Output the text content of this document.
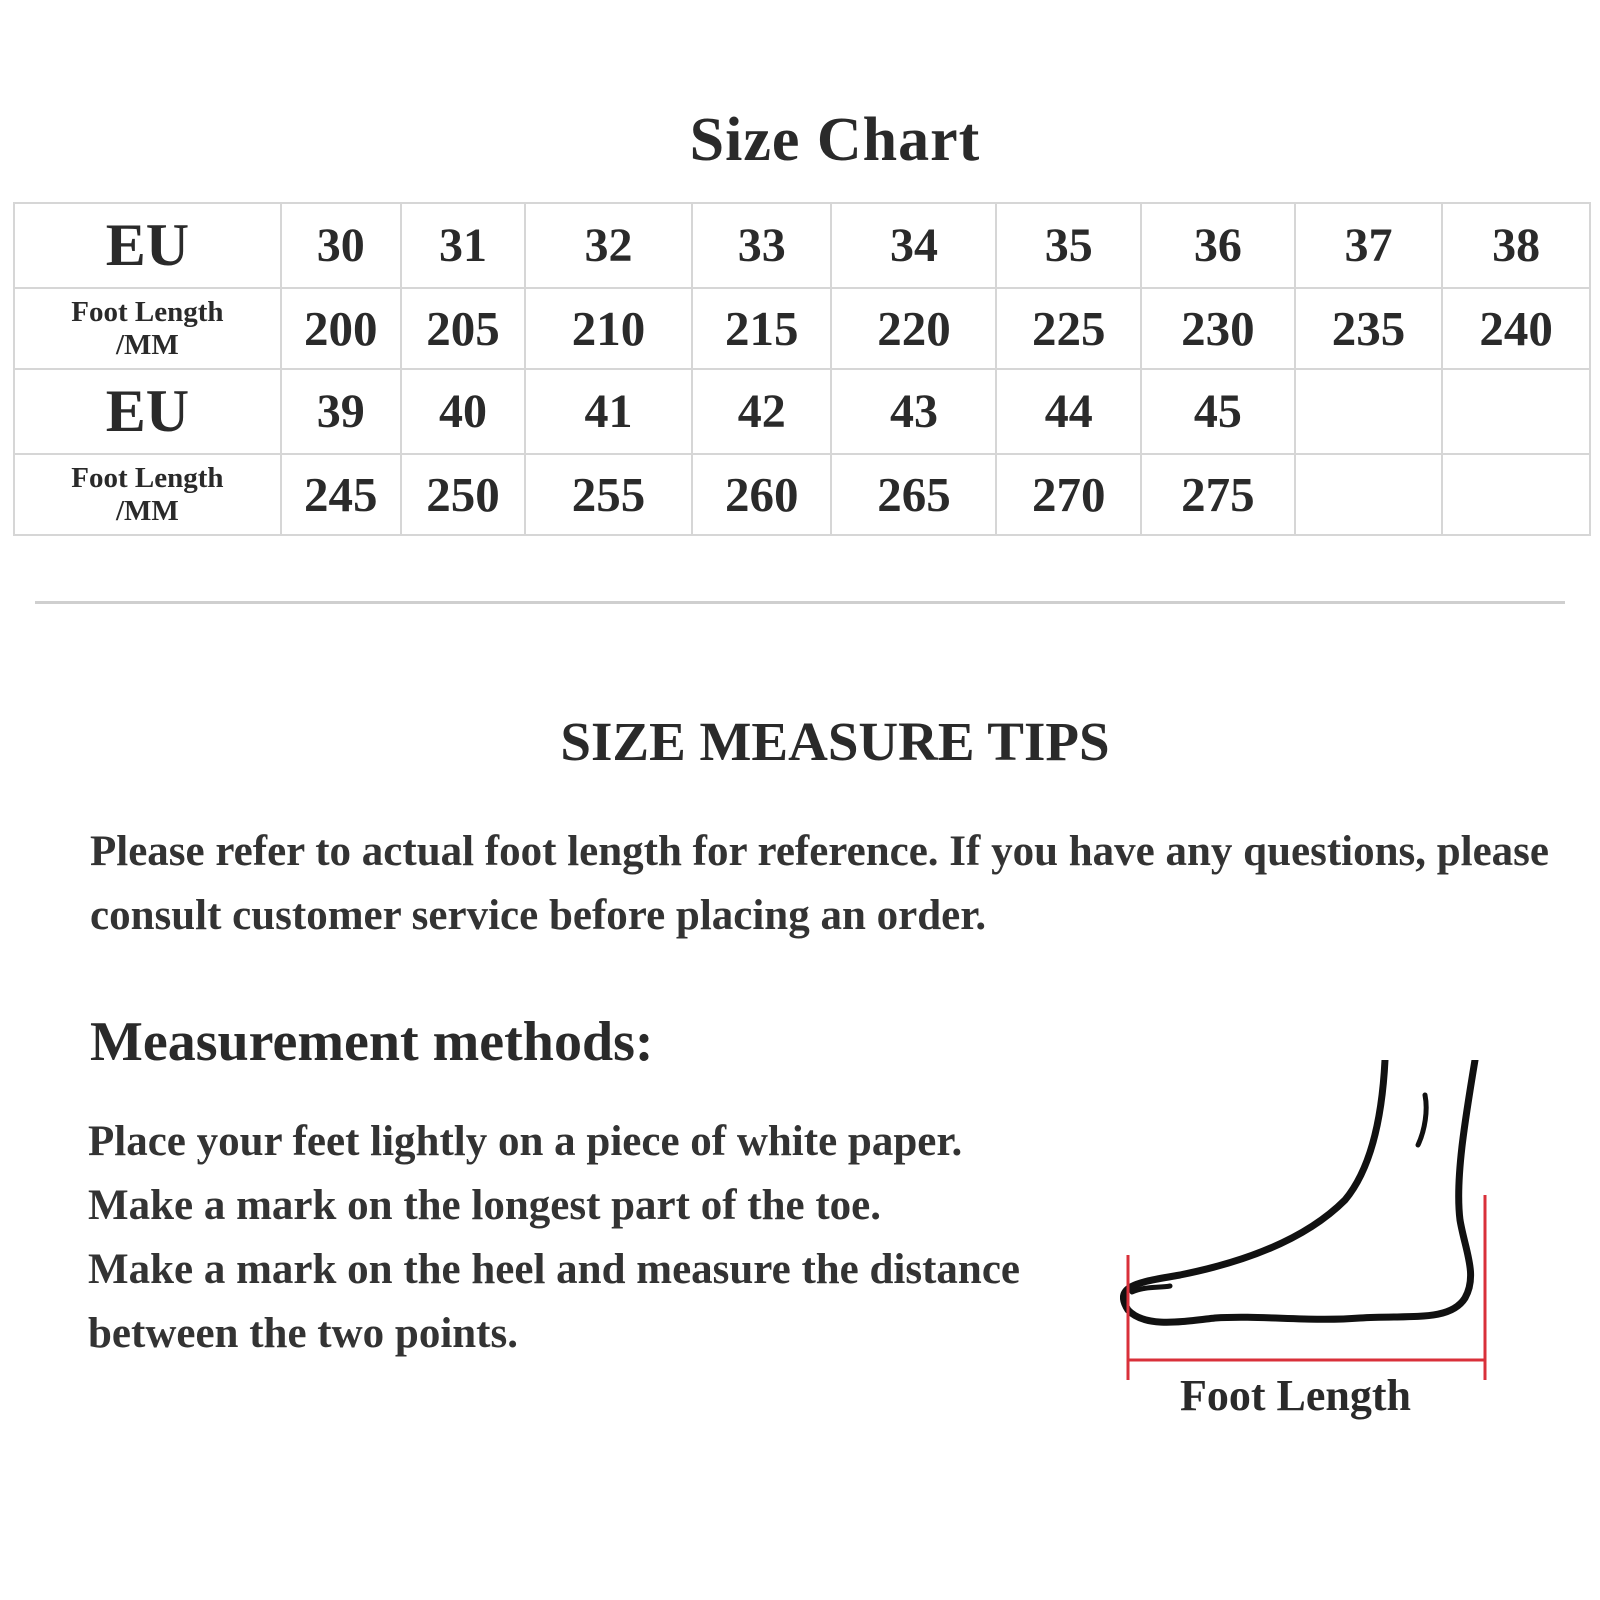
Size Chart
EU	30	31	32	33	34	35	36	37	38
Foot Length
/MM	200	205	210	215	220	225	230	235	240
EU	39	40	41	42	43	44	45		
Foot Length
/MM	245	250	255	260	265	270	275		
SIZE MEASURE TIPS
Please refer to actual foot length for reference. If you have any questions, please consult customer service before placing an order.
Measurement methods:

Place your feet lightly on a piece of white paper.

Make a mark on the longest part of the toe.

Make a mark on the heel and measure the distance between the two points.

Foot Length
